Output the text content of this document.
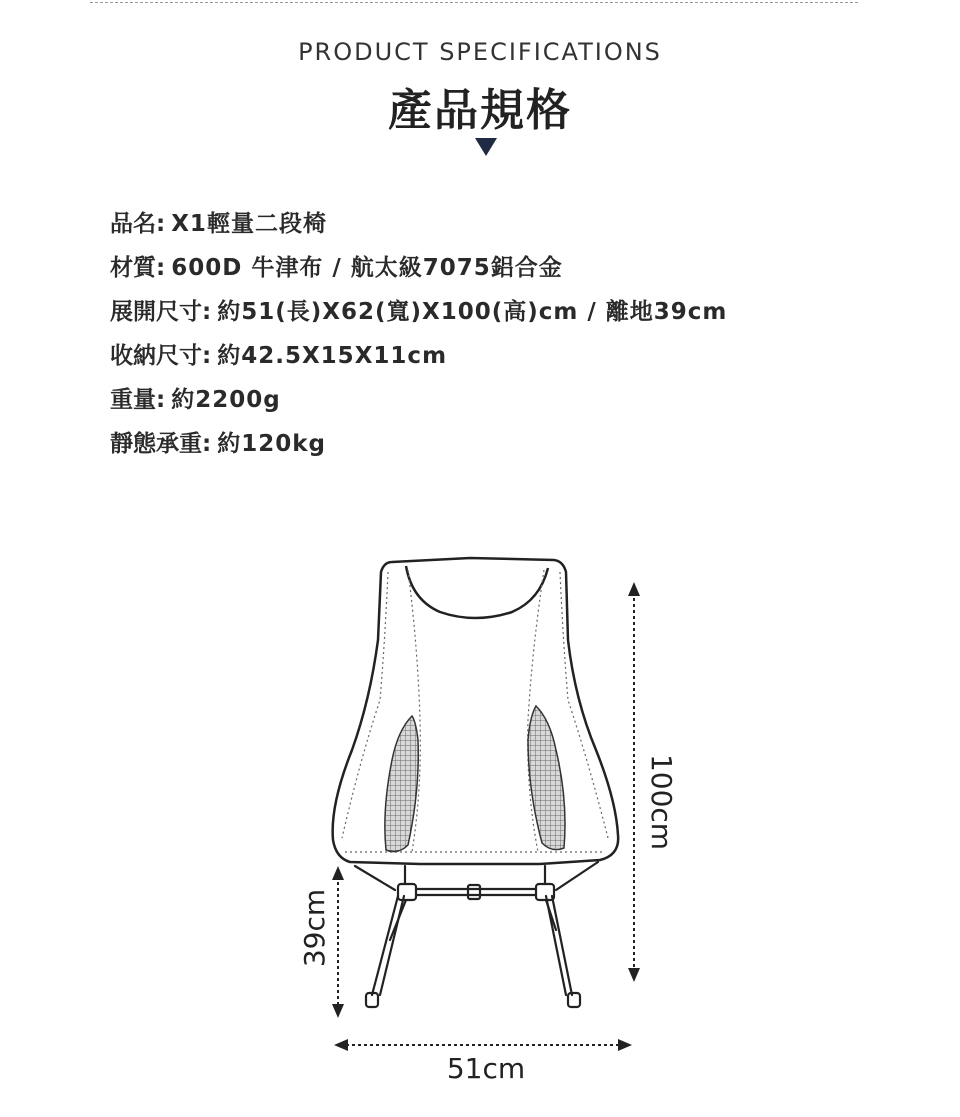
PRODUCT SPECIFICATIONS
產品規格
品名: X1輕量二段椅
材質: 600D 牛津布 / 航太級7075鋁合金
展開尺寸: 約51(長)X62(寬)X100(高)cm / 離地39cm
收納尺寸: 約42.5X15X11cm
重量: 約2200g
靜態承重: 約120kg
100cm
39cm
51cm
